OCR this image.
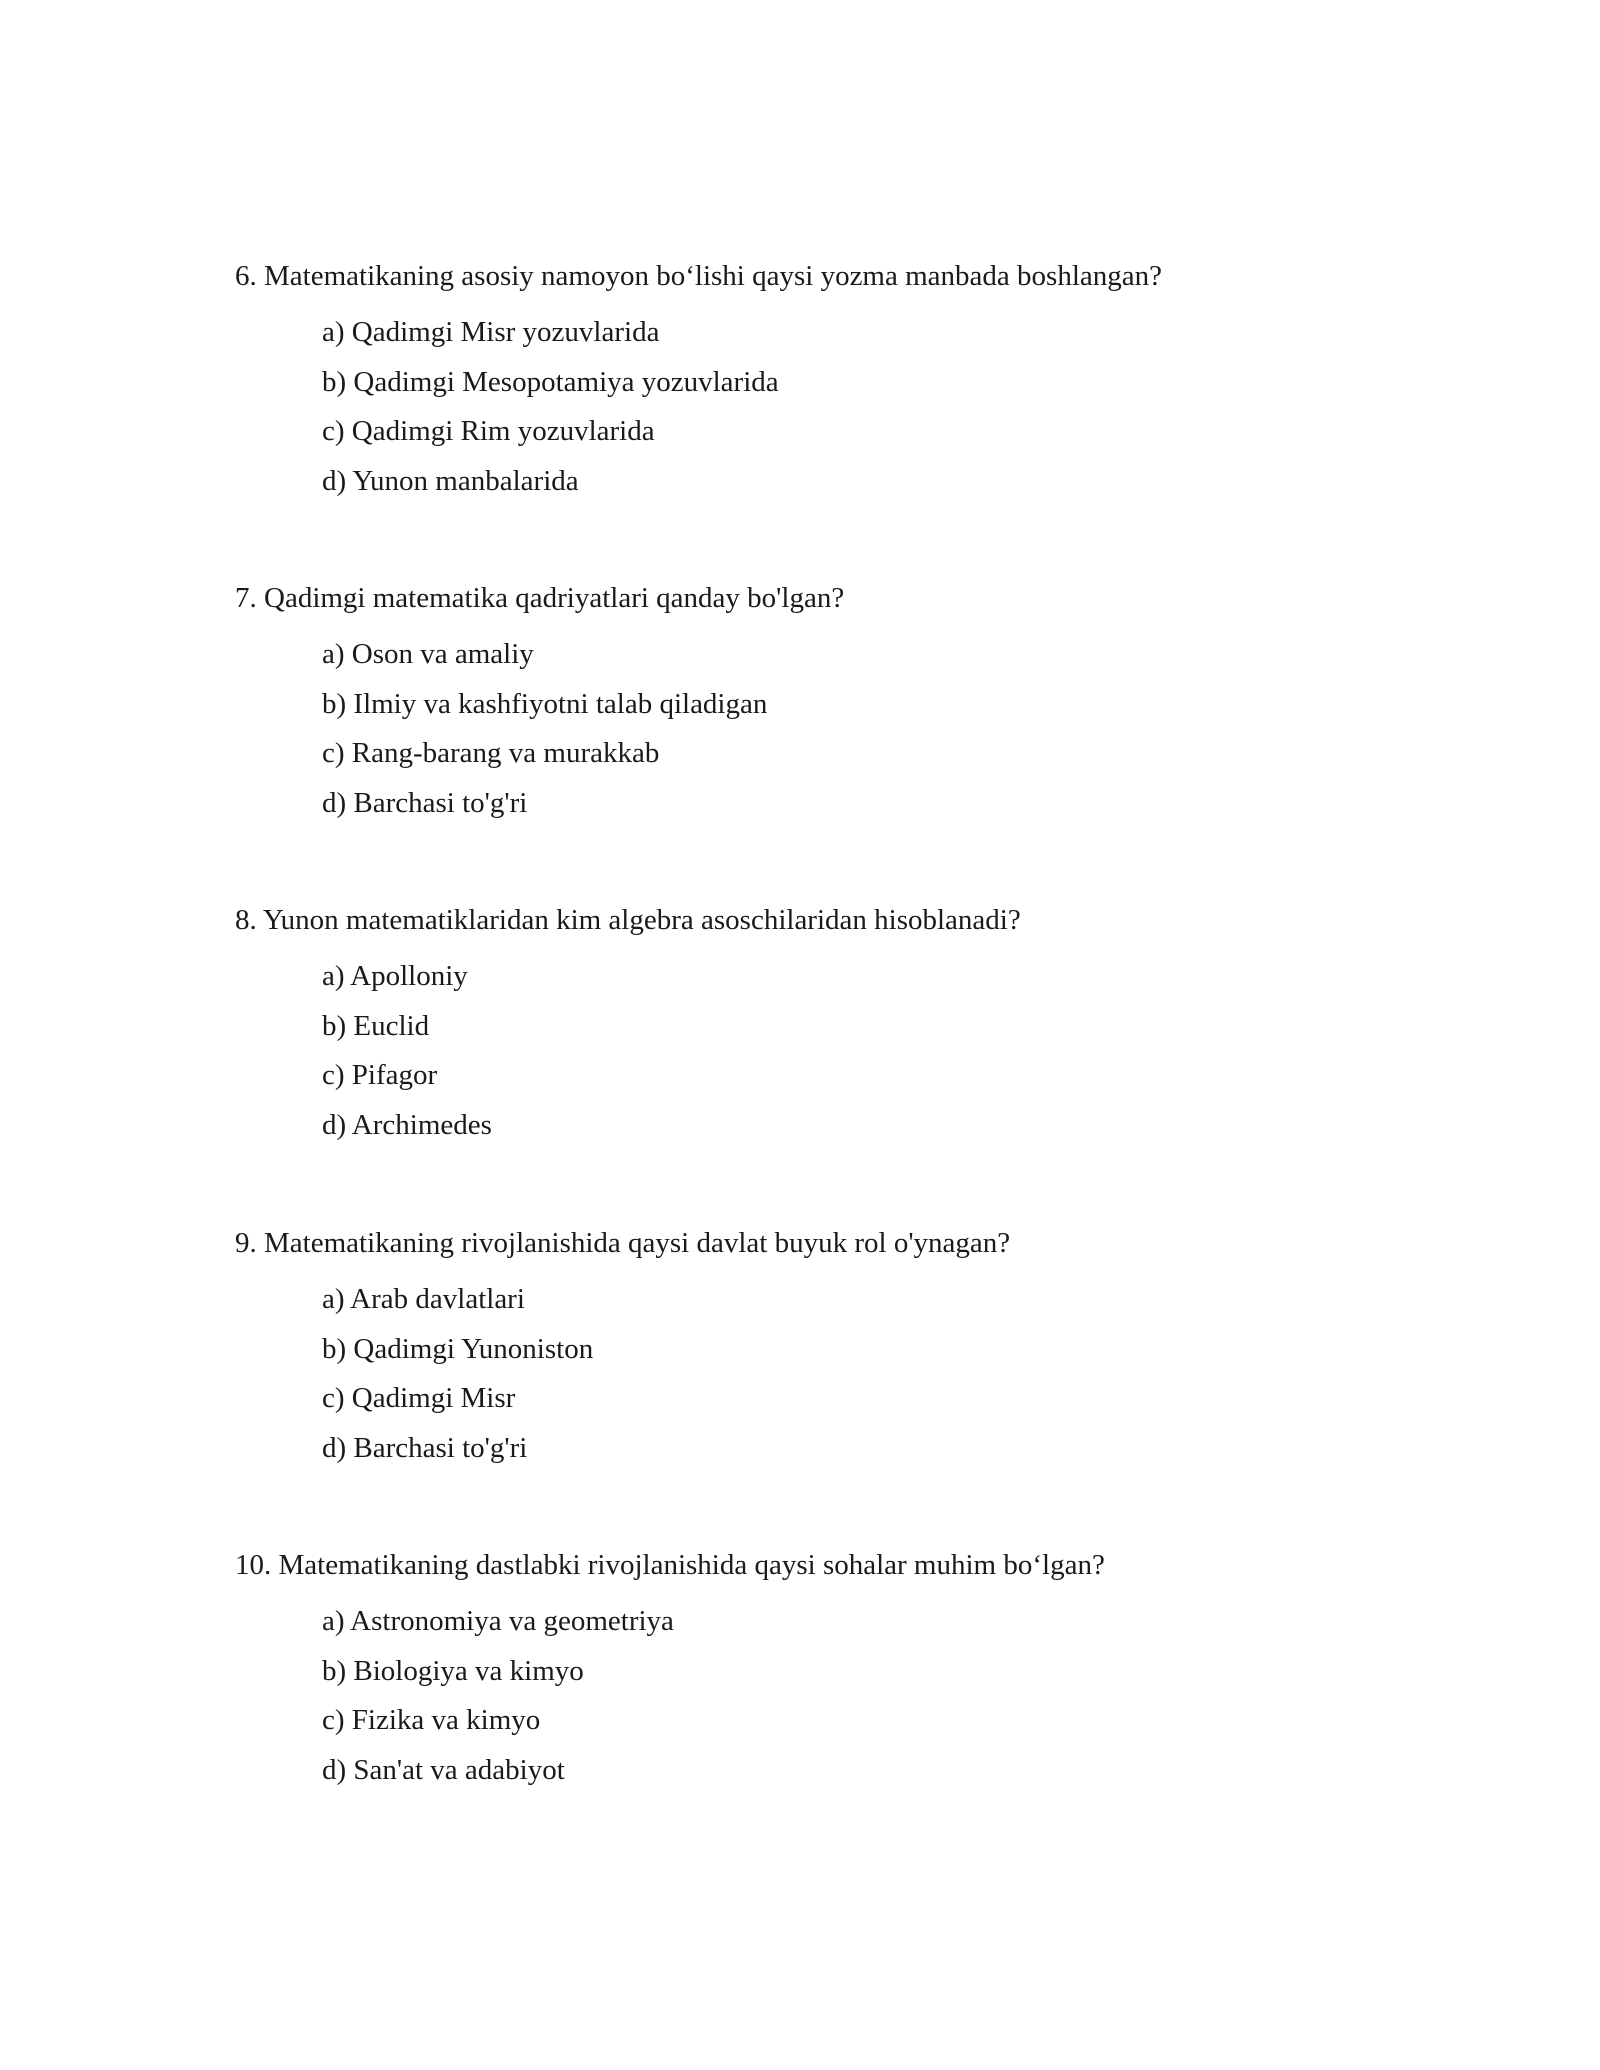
6. Matematikaning asosiy namoyon boʻlishi qaysi yozma manbada boshlangan?

a) Qadimgi Misr yozuvlarida
b) Qadimgi Mesopotamiya yozuvlarida
c) Qadimgi Rim yozuvlarida
d) Yunon manbalarida

7. Qadimgi matematika qadriyatlari qanday bo'lgan?

a) Oson va amaliy
b) Ilmiy va kashfiyotni talab qiladigan
c) Rang-barang va murakkab
d) Barchasi to'g'ri

8. Yunon matematiklaridan kim algebra asoschilaridan hisoblanadi?

a) Apolloniy
b) Euclid
c) Pifagor
d) Archimedes

9. Matematikaning rivojlanishida qaysi davlat buyuk rol o'ynagan?

a) Arab davlatlari
b) Qadimgi Yunoniston
c) Qadimgi Misr
d) Barchasi to'g'ri

10. Matematikaning dastlabki rivojlanishida qaysi sohalar muhim boʻlgan?

a) Astronomiya va geometriya
b) Biologiya va kimyo
c) Fizika va kimyo
d) San'at va adabiyot
